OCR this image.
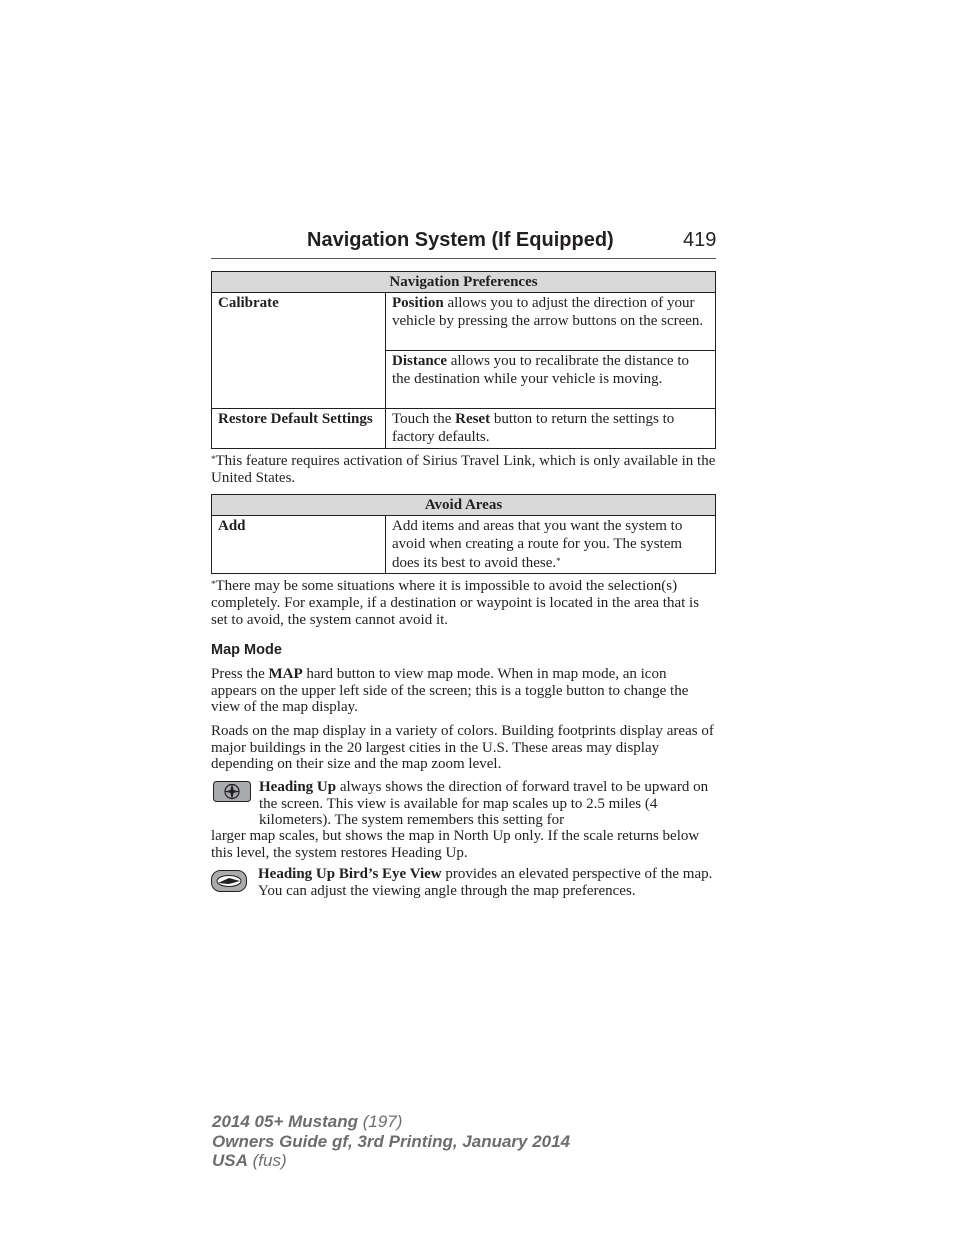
Navigation System (If Equipped)	419
Navigation Preferences	
Calibrate	Position allows you to adjust the direction of your vehicle by pressing the arrow buttons on the screen.
	Distance allows you to recalibrate the distance to the destination while your vehicle is moving.
Restore Default Settings	Touch the Reset button to return the settings to factory defaults.
*This feature requires activation of Sirius Travel Link, which is only available in the United States.
Avoid Areas
Add	Add items and areas that you want the system to avoid when creating a route for you. The system does its best to avoid these.*
*There may be some situations where it is impossible to avoid the selection(s) completely. For example, if a destination or waypoint is located in the area that is set to avoid, the system cannot avoid it.
Map Mode

Press the MAP hard button to view map mode. When in map mode, an icon appears on the upper left side of the screen; this is a toggle button to change the view of the map display.

Roads on the map display in a variety of colors. Building footprints display areas of major buildings in the 20 largest cities in the U.S. These areas may display depending on their size and the map zoom level.

Heading Up always shows the direction of forward travel to be upward on the screen. This view is available for map scales up to 2.5 miles (4 kilometers). The system remembers this setting for

larger map scales, but shows the map in North Up only. If the scale returns below this level, the system restores Heading Up.

Heading Up Bird’s Eye View provides an elevated perspective of the map. You can adjust the viewing angle through the map preferences.

2014 05+ Mustang (197)
Owners Guide gf, 3rd Printing, January 2014
USA (fus)
